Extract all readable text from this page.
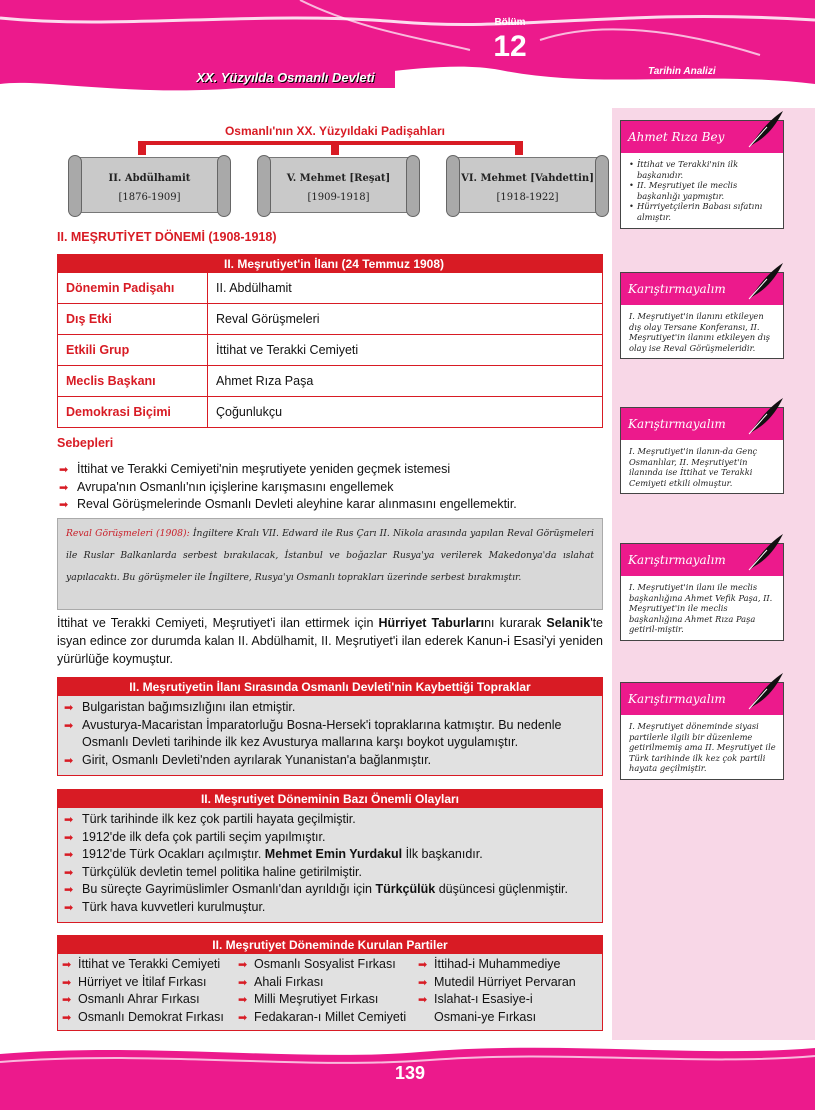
XX. Yüzyılda Osmanlı Devleti
Bölüm
12
Tarihin Analizi
Ahmet Rıza Bey
• İttihat ve Terakki'nin ilk başkanıdır.
• II. Meşrutiyet ile meclis başkanlığı yapmıştır.
• Hürriyetçilerin Babası sıfatını almıştır.
Karıştırmayalım
I. Meşrutiyet'in ilanını etkileyen dış olay Tersane Konferansı, II. Meşrutiyet'in ilanını etkileyen dış olay ise Reval Görüşmeleridir.
Karıştırmayalım
I. Meşrutiyet'in ilanın-da Genç Osmanlılar, II. Meşrutiyet'in ilanında ise İttihat ve Terakki Cemiyeti etkili olmuştur.
Karıştırmayalım
I. Meşrutiyet'in ilanı ile meclis başkanlığına Ahmet Vefik Paşa, II. Meşrutiyet'in ile meclis başkanlığına Ahmet Rıza Paşa getiril-miştir.
Karıştırmayalım
I. Meşrutiyet döneminde siyasi partilerle ilgili bir düzenleme getirilmemiş ama II. Meşrutiyet ile Türk tarihinde ilk kez çok partili hayata geçilmiştir.
Osmanlı'nın XX. Yüzyıldaki Padişahları
II. Abdülhamit
[1876-1909]
V. Mehmet [Reşat]
[1909-1918]
VI. Mehmet [Vahdettin]
[1918-1922]
II. MEŞRUTİYET DÖNEMİ (1908-1918)
II. Meşrutiyet'in İlanı (24 Temmuz 1908)	
Dönemin Padişahı	II. Abdülhamit
Dış Etki	Reval Görüşmeleri
Etkili Grup	İttihat ve Terakki Cemiyeti
Meclis Başkanı	Ahmet Rıza Paşa
Demokrasi Biçimi	Çoğunlukçu
Sebepleri
➡ İttihat ve Terakki Cemiyeti'nin meşrutiyete yeniden geçmek istemesi
➡ Avrupa'nın Osmanlı'nın içişlerine karışmasını engellemek
➡ Reval Görüşmelerinde Osmanlı Devleti aleyhine karar alınmasını engellemektir.
Reval Görüşmeleri (1908): İngiltere Kralı VII. Edward ile Rus Çarı II. Nikola arasında yapılan Reval Görüşmeleri ile Ruslar Balkanlarda serbest bırakılacak, İstanbul ve boğazlar Rusya'ya verilerek Makedonya'da ıslahat yapılacaktı. Bu görüşmeler ile İngiltere, Rusya'yı Osmanlı toprakları üzerinde serbest bırakmıştır.
İttihat ve Terakki Cemiyeti, Meşrutiyet'i ilan ettirmek için Hürriyet Taburlarını kurarak Selanik'te isyan edince zor durumda kalan II. Abdülhamit, II. Meşrutiyet'i ilan ederek Kanun-i Esasi'yi yeniden yürürlüğe koymuştur.
II. Meşrutiyetin İlanı Sırasında Osmanlı Devleti'nin Kaybettiği Topraklar
➡ Bulgaristan bağımsızlığını ilan etmiştir.
➡ Avusturya-Macaristan İmparatorluğu Bosna-Hersek'i topraklarına katmıştır. Bu nedenle Osmanlı Devleti tarihinde ilk kez Avusturya mallarına karşı boykot uygulamıştır.
➡ Girit, Osmanlı Devleti'nden ayrılarak Yunanistan'a bağlanmıştır.
II. Meşrutiyet Döneminin Bazı Önemli Olayları
➡ Türk tarihinde ilk kez çok partili hayata geçilmiştir.
➡ 1912'de ilk defa çok partili seçim yapılmıştır.
➡ 1912'de Türk Ocakları açılmıştır. Mehmet Emin Yurdakul İlk başkanıdır.
➡ Türkçülük devletin temel politika haline getirilmiştir.
➡ Bu süreçte Gayrimüslimler Osmanlı'dan ayrıldığı için Türkçülük düşüncesi güçlenmiştir.
➡ Türk hava kuvvetleri kurulmuştur.
II. Meşrutiyet Döneminde Kurulan Partiler
➡ İttihat ve Terakki Cemiyeti
➡ Hürriyet ve İtilaf Fırkası
➡ Osmanlı Ahrar Fırkası
➡ Osmanlı Demokrat Fırkası
➡ Osmanlı Sosyalist Fırkası
➡ Ahali Fırkası
➡ Milli Meşrutiyet Fırkası
➡ Fedakaran-ı Millet Cemiyeti
➡ İttihad-i Muhammediye
➡ Mutedil Hürriyet Pervaran
➡ Islahat-ı Esasiye-i
Osmani-ye Fırkası
139
